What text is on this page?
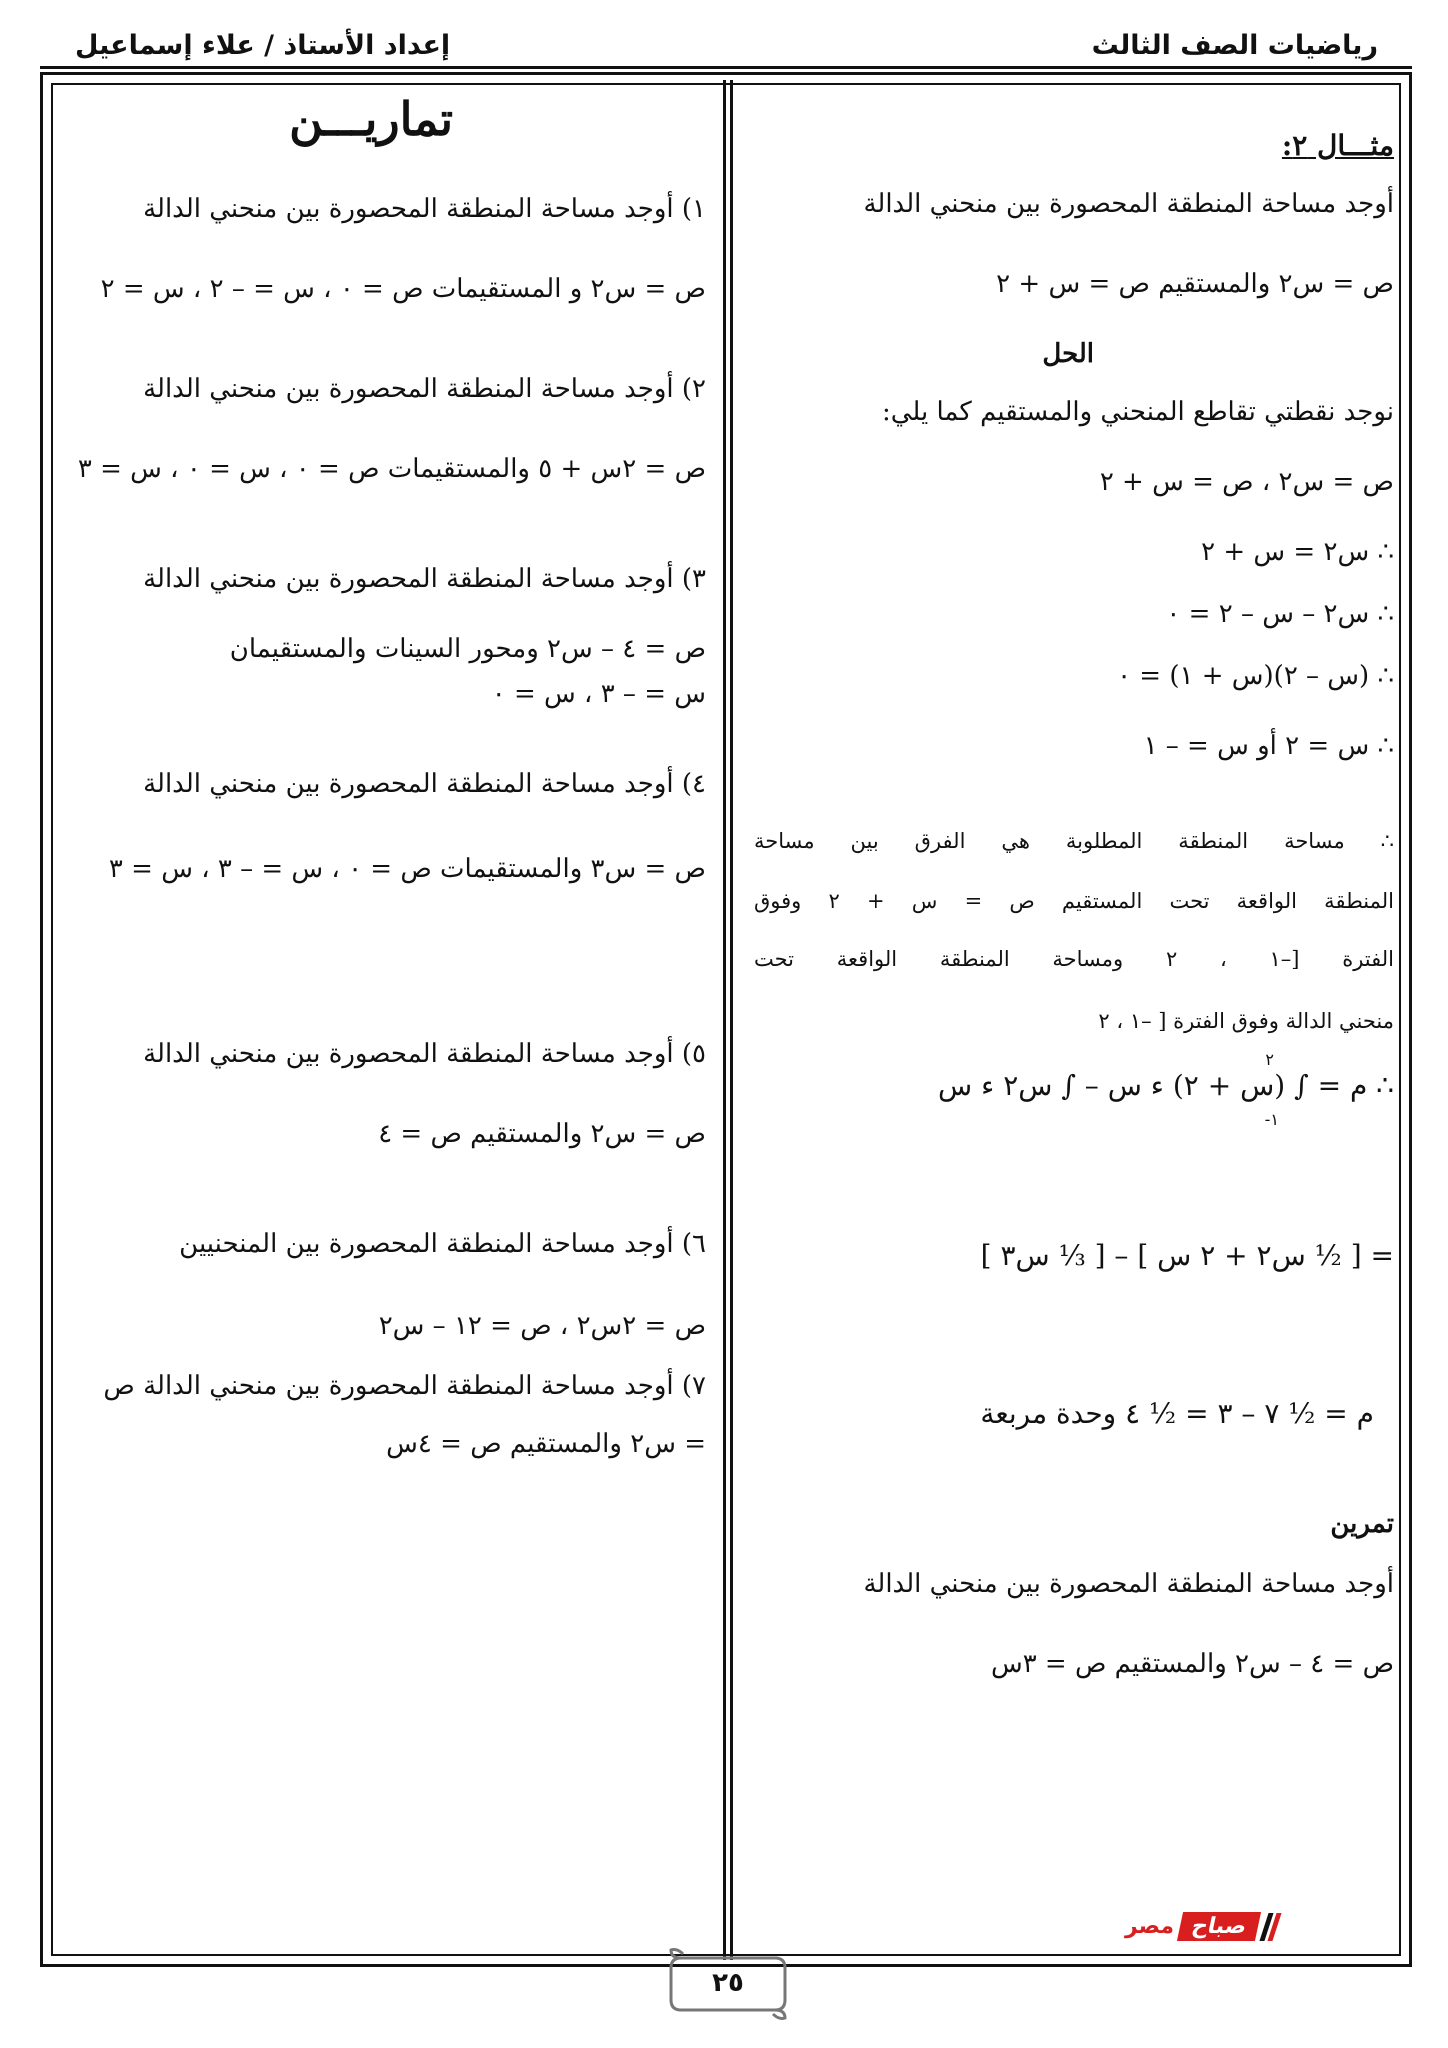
رياضيات الصف الثالث
إعداد الأستاذ / علاء إسماعيل
مثـــال ٢:
أوجد مساحة المنطقة المحصورة بين منحني الدالة
ص = س٢ والمستقيم ص = س + ٢
الحل
نوجد نقطتي تقاطع المنحني والمستقيم كما يلي:
ص = س٢ ، ص = س + ٢
∴ س٢ = س + ٢
∴ س٢ – س – ٢ = ٠
∴ (س – ٢)(س + ١) = ٠
∴ س = ٢ أو س = – ١
∴ مساحة المنطقة المطلوبة هي الفرق بين مساحة
المنطقة الواقعة تحت المستقيم ص = س + ٢ وفوق
الفترة [–١ ، ٢ ومساحة المنطقة الواقعة تحت
منحني الدالة وفوق الفترة [ –١ ، ٢
∴ م = ∫ (س + ٢) ء س – ∫ س٢ ء س
٢
١-
= [ ½ س٢ + ٢ س ] – [ ⅓ س٣ ]
م = ½ ٧ – ٣ = ½ ٤ وحدة مربعة
تمرين
أوجد مساحة المنطقة المحصورة بين منحني الدالة
ص = ٤ – س٢ والمستقيم ص = ٣س
تماريـــن
١) أوجد مساحة المنطقة المحصورة بين منحني الدالة
ص = س٢ و المستقيمات ص = ٠ ، س = – ٢ ، س = ٢
٢) أوجد مساحة المنطقة المحصورة بين منحني الدالة
ص = ٢س + ٥ والمستقيمات ص = ٠ ، س = ٠ ، س = ٣
٣) أوجد مساحة المنطقة المحصورة بين منحني الدالة
ص = ٤ – س٢ ومحور السينات والمستقيمان
س = – ٣ ، س = ٠
٤) أوجد مساحة المنطقة المحصورة بين منحني الدالة
ص = س٣ والمستقيمات ص = ٠ ، س = – ٣ ، س = ٣
٥) أوجد مساحة المنطقة المحصورة بين منحني الدالة
ص = س٢ والمستقيم ص = ٤
٦) أوجد مساحة المنطقة المحصورة بين المنحنيين
ص = ٢س٢ ، ص = ١٢ – س٢
٧) أوجد مساحة المنطقة المحصورة بين منحني الدالة ص
= س٢ والمستقيم ص = ٤س
مصر صباح
٢٥
